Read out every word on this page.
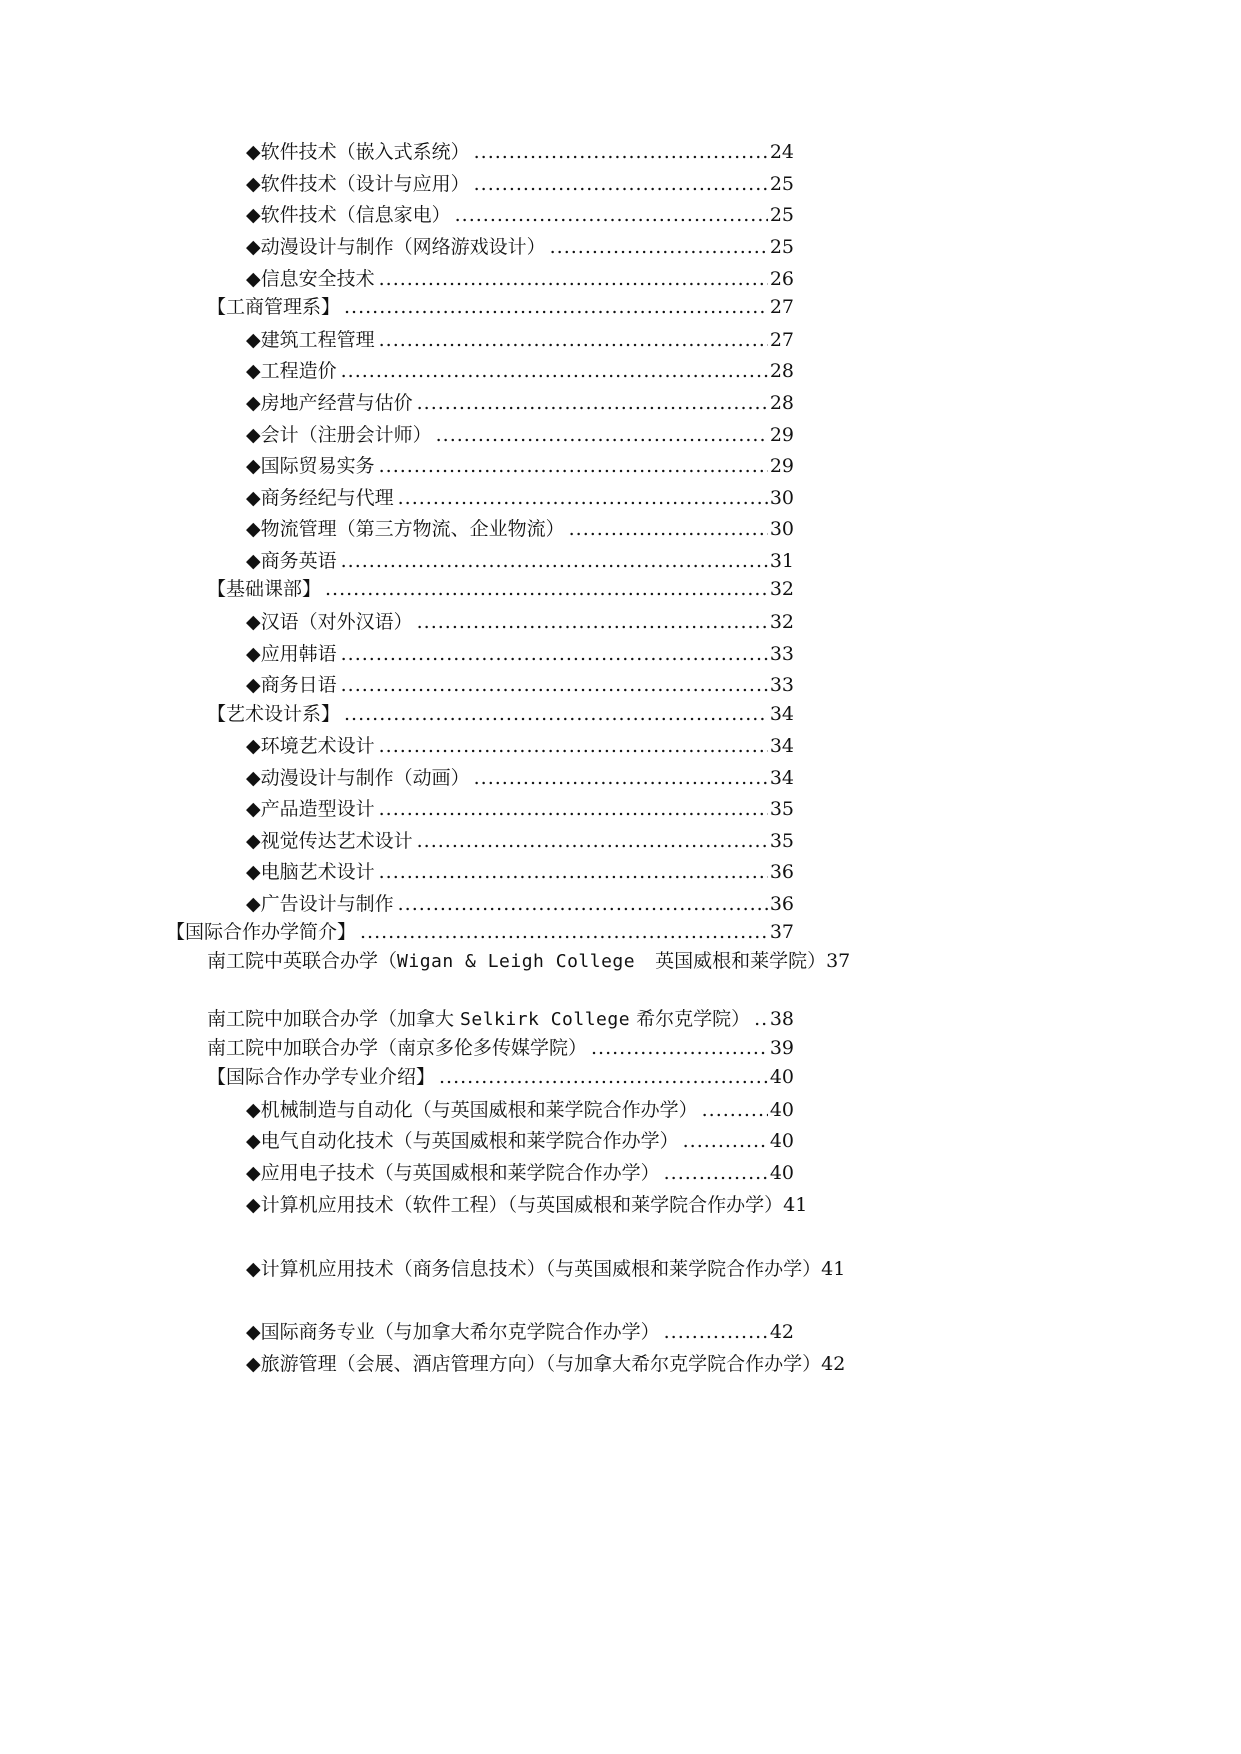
◆软件技术（嵌入式系统） .....	24
◆软件技术（设计与应用） .....	25
◆软件技术（信息家电） .....	25
◆动漫设计与制作（网络游戏设计） .....	25
◆信息安全技术 .....	26
【工商管理系】 .....	27
◆建筑工程管理 .....	27
◆工程造价 .....	28
◆房地产经营与估价 .....	28
◆会计（注册会计师） .....	29
◆国际贸易实务 .....	29
◆商务经纪与代理 .....	30
◆物流管理（第三方物流、企业物流） .....	30
◆商务英语 .....	31
【基础课部】 .....	32
◆汉语（对外汉语） .....	32
◆应用韩语 .....	33
◆商务日语 .....	33
【艺术设计系】 .....	34
◆环境艺术设计 .....	34
◆动漫设计与制作（动画） .....	34
◆产品造型设计 .....	35
◆视觉传达艺术设计 .....	35
◆电脑艺术设计 .....	36
◆广告设计与制作 .....	36
【国际合作办学简介】 .....	37
南工院中英联合办学（Wigan & Leigh College 英国威根和莱学院）37
南工院中加联合办学（加拿大 Selkirk College 希尔克学院） ..... 38
南工院中加联合办学（南京多伦多传媒学院） .....	39
【国际合作办学专业介绍】 .....	40
◆机械制造与自动化（与英国威根和莱学院合作办学） .....	40
◆电气自动化技术（与英国威根和莱学院合作办学） .....	40
◆应用电子技术（与英国威根和莱学院合作办学） .....	40
◆计算机应用技术（软件工程）（与英国威根和莱学院合作办学）41
◆计算机应用技术（商务信息技术）（与英国威根和莱学院合作办学）41
◆国际商务专业（与加拿大希尔克学院合作办学） .....	42
◆旅游管理（会展、酒店管理方向）（与加拿大希尔克学院合作办学）42
